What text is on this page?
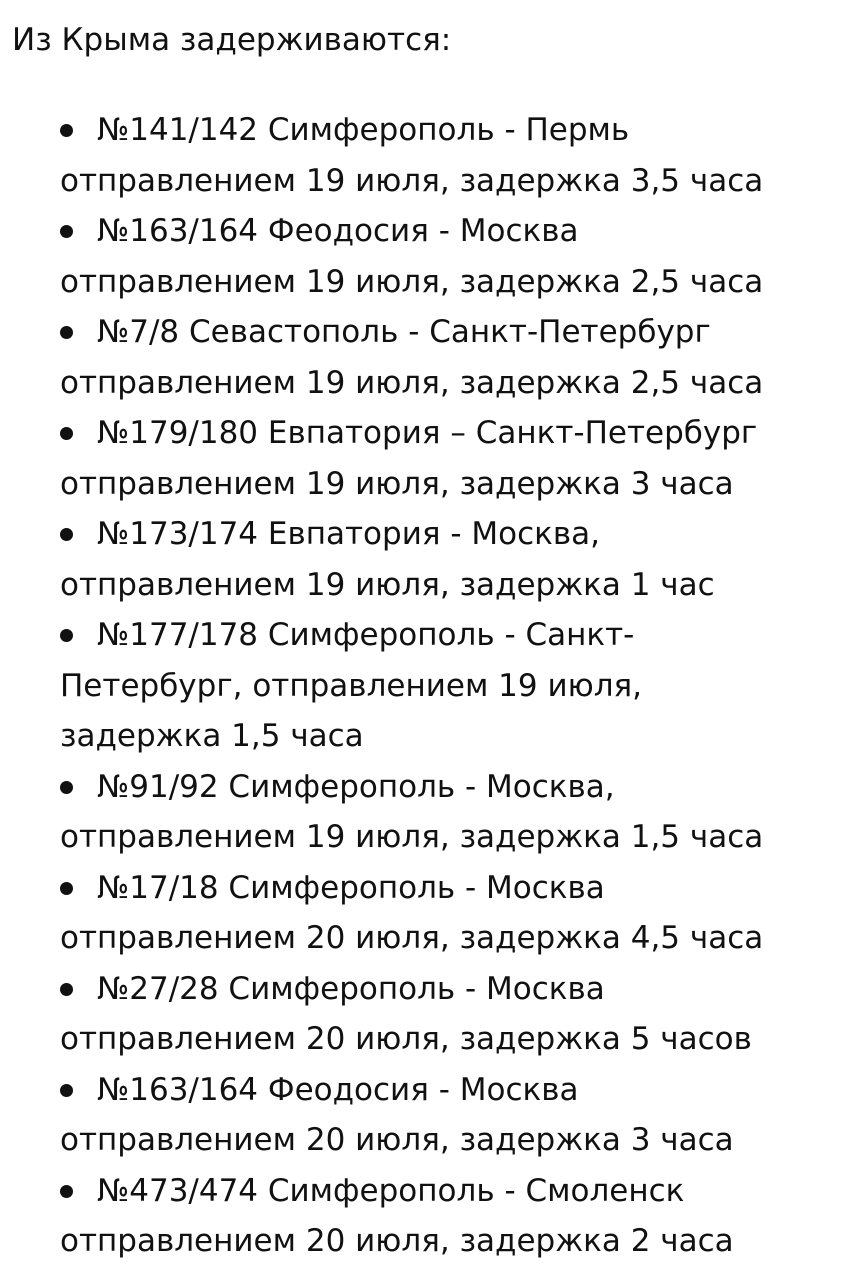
Из Крыма задерживаются:
№141/142 Симферополь - Пермь
отправлением 19 июля, задержка 3,5 часа
№163/164 Феодосия - Москва
отправлением 19 июля, задержка 2,5 часа
№7/8 Севастополь - Санкт-Петербург
отправлением 19 июля, задержка 2,5 часа
№179/180 Евпатория – Санкт-Петербург
отправлением 19 июля, задержка 3 часа
№173/174 Евпатория - Москва,
отправлением 19 июля, задержка 1 час
№177/178 Симферополь - Санкт-
Петербург, отправлением 19 июля,
задержка 1,5 часа
№91/92 Симферополь - Москва,
отправлением 19 июля, задержка 1,5 часа
№17/18 Симферополь - Москва
отправлением 20 июля, задержка 4,5 часа
№27/28 Симферополь - Москва
отправлением 20 июля, задержка 5 часов
№163/164 Феодосия - Москва
отправлением 20 июля, задержка 3 часа
№473/474 Симферополь - Смоленск
отправлением 20 июля, задержка 2 часа
